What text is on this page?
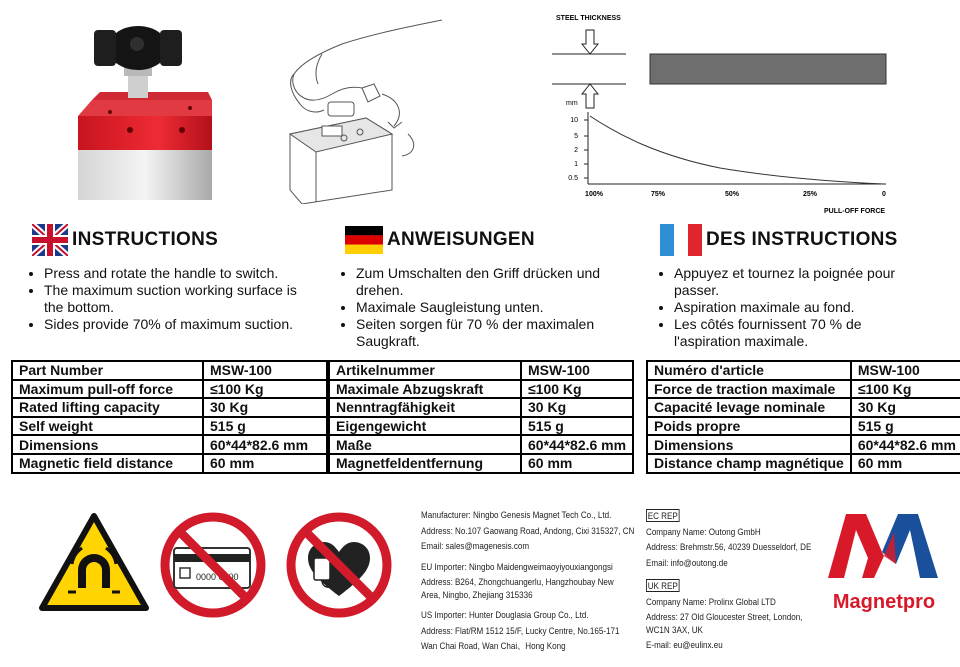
STEEL THICKNESS
mm
10
5
2
1
0.5
100%	75%	50%	25%	0
PULL-OFF FORCE
INSTRUCTIONS	ANWEISUNGEN	DES INSTRUCTIONS
• Press and rotate the handle to switch.
• The maximum suction working surface is the bottom.
• Sides provide 70% of maximum suction.
• Zum Umschalten den Griff drücken und drehen.
• Maximale Saugleistung unten.
• Seiten sorgen für 70 % der maximalen Saugkraft.
• Appuyez et tournez la poignée pour passer.
• Aspiration maximale au fond.
• Les côtés fournissent 70 % de l'aspiration maximale.
Part Number	MSW-100
Maximum pull-off force	≤100 Kg
Rated lifting capacity	30 Kg
Self weight	515 g
Dimensions	60*44*82.6 mm
Magnetic field distance	60 mm
Artikelnummer	MSW-100
Maximale Abzugskraft	≤100 Kg
Nenntragfähigkeit	30 Kg
Eigengewicht	515 g
Maße	60*44*82.6 mm
Magnetfeldentfernung	60 mm
Numéro d'article	MSW-100
Force de traction maximale	≤100 Kg
Capacité levage nominale	30 Kg
Poids propre	515 g
Dimensions	60*44*82.6 mm
Distance champ magnétique	60 mm
0000 0000
Manufacturer: Ningbo Genesis Magnet Tech Co., Ltd.
Address: No.107 Gaowang Road, Andong, Cixi 315327, CN
Email: sales@magenesis.com
EU Importer: Ningbo Maidengweimaoyiyouxiangongsi
Address: B264, Zhongchuangerlu, Hangzhoubay New
Area, Ningbo, Zhejiang 315336
US Importer: Hunter Douglasia Group Co., Ltd.
Address: Flat/RM 1512 15/F, Lucky Centre, No.165-171
Wan Chai Road, Wan Chai、Hong Kong
EC REP
Company Name: Outong GmbH
Address: Brehmstr.56, 40239 Duesseldorf, DE
Email: info@outong.de
UK REP
Company Name: Prolinx Global LTD
Address: 27 Old Gloucester Street, London,
WC1N 3AX, UK
E-mail: eu@eulinx.eu
Magnetpro
